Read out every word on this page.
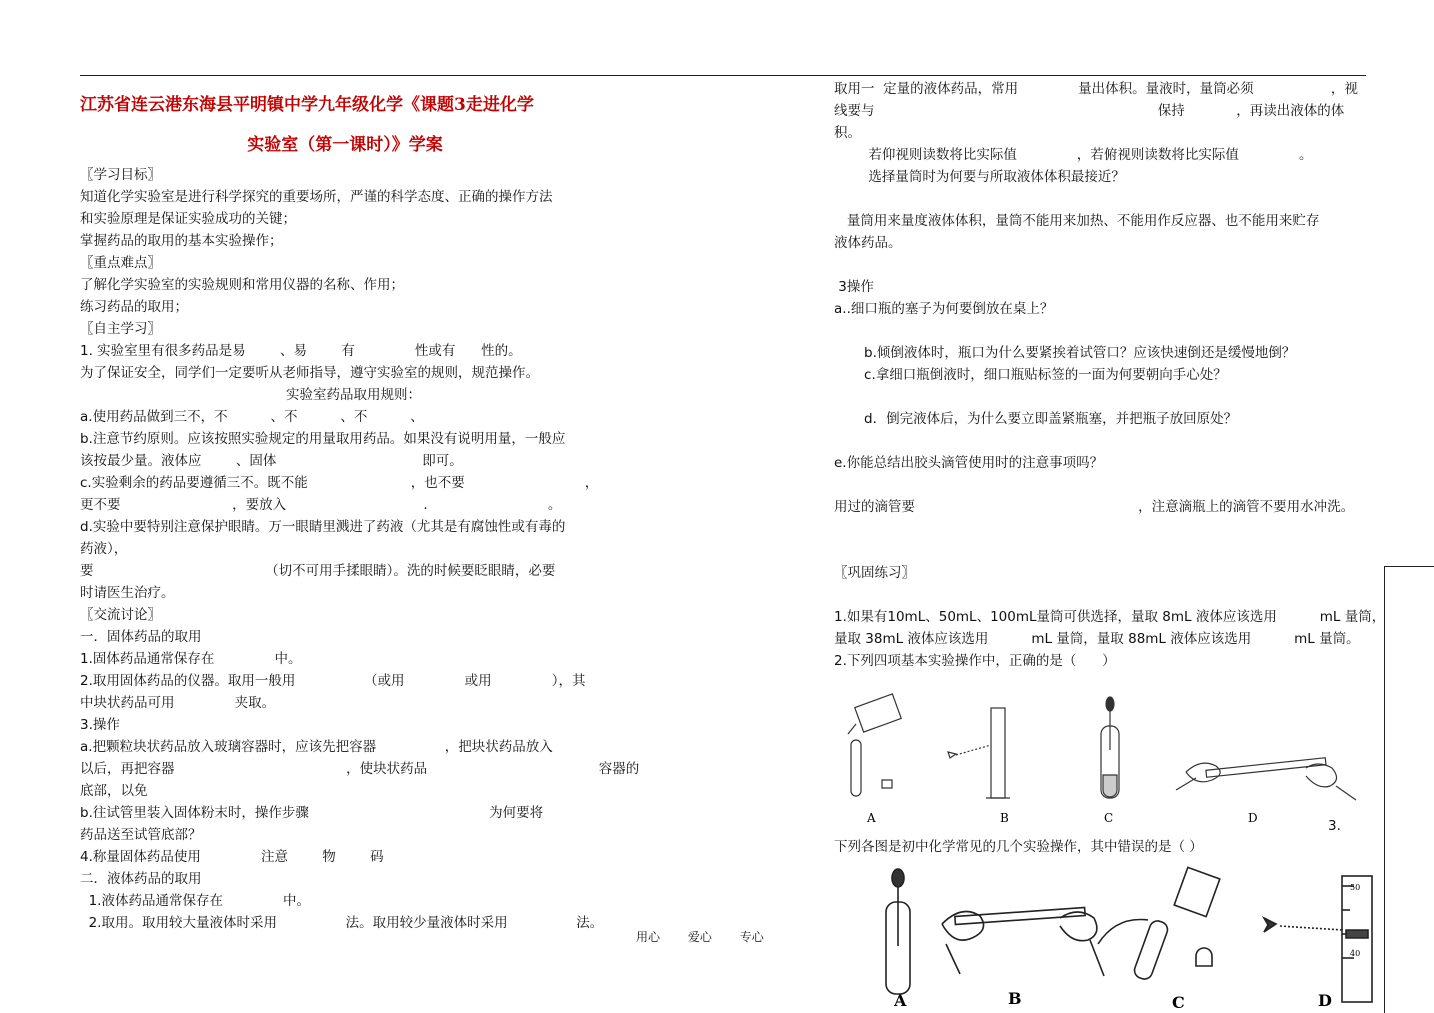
江苏省连云港东海县平明镇中学九年级化学《课题3走进化学

实验室（第一课时）》学案

〖学习目标〗

知道化学实验室是进行科学探究的重要场所，严谨的科学态度、正确的操作方法

和实验原理是保证实验成功的关键；

掌握药品的取用的基本实验操作；

〖重点难点〗

了解化学实验室的实验规则和常用仪器的名称、作用；

练习药品的取用；

〖自主学习〗

1. 实验室里有很多药品是易        、易        有              性或有      性的。

为了保证安全，同学们一定要听从老师指导，遵守实验室的规则，规范操作。

实验室药品取用规则：

a.使用药品做到三不，不          、不          、不          、

b.注意节约原则。应该按照实验规定的用量取用药品。如果没有说明用量，一般应

该按最少量。液体应        、固体                                  即可。

c.实验剩余的药品要遵循三不。既不能                        ，也不要                            ，

更不要                          ，要放入                                .                            。

d.实验中要特别注意保护眼睛。万一眼睛里溅进了药液（尤其是有腐蚀性或有毒的

药液），

要                                        （切不可用手揉眼睛）。洗的时候要眨眼睛，必要

时请医生治疗。

〖交流讨论〗

一．固体药品的取用

1.固体药品通常保存在              中。

2.取用固体药品的仪器。取用一般用                （或用              或用              ），其

中块状药品可用              夹取。

3.操作

a.把颗粒块状药品放入玻璃容器时，应该先把容器                ，把块状药品放入

以后，再把容器                                        ，使块状药品                                        容器的

底部，以免

b.往试管里装入固体粉末时，操作步骤                                          为何要将

药品送至试管底部？

4.称量固体药品使用              注意        物        码

二．液体药品的取用

1.液体药品通常保存在              中。

2.取用。取用较大量液体时采用                法。取用较少量液体时采用                法。

取用一  定量的液体药品，常用              量出体积。量液时，量筒必须                  ，视

线要与                                                                  保持            ，再读出液体的体

积。

若仰视则读数将比实际值              ，若俯视则读数将比实际值              。

选择量筒时为何要与所取液体体积最接近？

量筒用来量度液体体积，量筒不能用来加热、不能用作反应器、也不能用来贮存

液体药品。

3操作

a..细口瓶的塞子为何要倒放在桌上？

b.倾倒液体时，瓶口为什么要紧挨着试管口？应该快速倒还是缓慢地倒？

c.拿细口瓶倒液时，细口瓶贴标签的一面为何要朝向手心处？

d．倒完液体后，为什么要立即盖紧瓶塞，并把瓶子放回原处？

e.你能总结出胶头滴管使用时的注意事项吗？

用过的滴管要                                                    ，注意滴瓶上的滴管不要用水冲洗。

〖巩固练习〗

1.如果有10mL、50mL、100mL量筒可供选择，量取 8mL 液体应该选用          mL 量筒，

量取 38mL 液体应该选用          mL 量筒，量取 88mL 液体应该选用          mL 量筒。

2.下列四项基本实验操作中，正确的是（      ）

A	B	C	D	3.

下列各图是初中化学常见的几个实验操作，其中错误的是（ ）

50
40
A	B	C	D
用心 爱心 专心
